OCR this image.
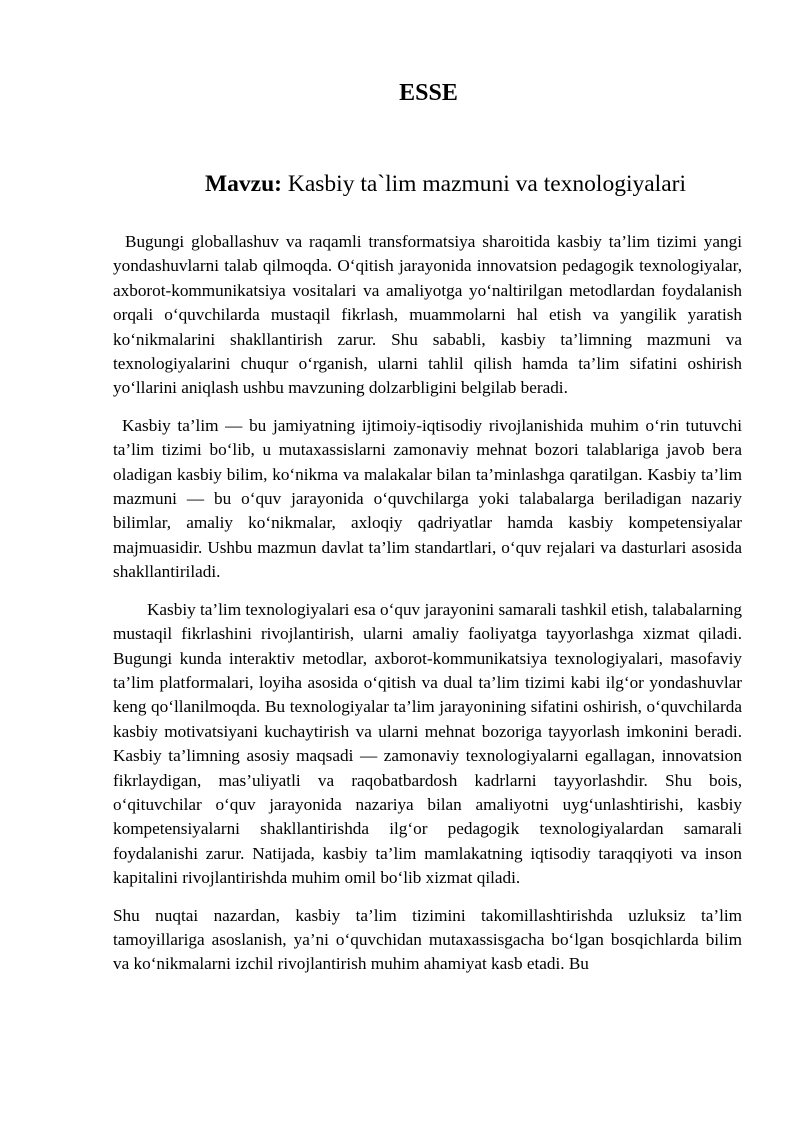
ESSE
Mavzu: Kasbiy ta`lim mazmuni va texnologiyalari

Bugungi globallashuv va raqamli transformatsiya sharoitida kasbiy ta’lim tizimi yangi yondashuvlarni talab qilmoqda. O‘qitish jarayonida innovatsion pedagogik texnologiyalar, axborot-kommunikatsiya vositalari va amaliyotga yo‘naltirilgan metodlardan foydalanish orqali o‘quvchilarda mustaqil fikrlash, muammolarni hal etish va yangilik yaratish ko‘nikmalarini shakllantirish zarur. Shu sababli, kasbiy ta’limning mazmuni va texnologiyalarini chuqur o‘rganish, ularni tahlil qilish hamda ta’lim sifatini oshirish yo‘llarini aniqlash ushbu mavzuning dolzarbligini belgilab beradi.

Kasbiy ta’lim — bu jamiyatning ijtimoiy-iqtisodiy rivojlanishida muhim o‘rin tutuvchi ta’lim tizimi bo‘lib, u mutaxassislarni zamonaviy mehnat bozori talablariga javob bera oladigan kasbiy bilim, ko‘nikma va malakalar bilan ta’minlashga qaratilgan. Kasbiy ta’lim mazmuni — bu o‘quv jarayonida o‘quvchilarga yoki talabalarga beriladigan nazariy bilimlar, amaliy ko‘nikmalar, axloqiy qadriyatlar hamda kasbiy kompetensiyalar majmuasidir. Ushbu mazmun davlat ta’lim standartlari, o‘quv rejalari va dasturlari asosida shakllantiriladi.

Kasbiy ta’lim texnologiyalari esa o‘quv jarayonini samarali tashkil etish, talabalarning mustaqil fikrlashini rivojlantirish, ularni amaliy faoliyatga tayyorlashga xizmat qiladi. Bugungi kunda interaktiv metodlar, axborot-kommunikatsiya texnologiyalari, masofaviy ta’lim platformalari, loyiha asosida o‘qitish va dual ta’lim tizimi kabi ilg‘or yondashuvlar keng qo‘llanilmoqda. Bu texnologiyalar ta’lim jarayonining sifatini oshirish, o‘quvchilarda kasbiy motivatsiyani kuchaytirish va ularni mehnat bozoriga tayyorlash imkonini beradi. Kasbiy ta’limning asosiy maqsadi — zamonaviy texnologiyalarni egallagan, innovatsion fikrlaydigan, mas’uliyatli va raqobatbardosh kadrlarni tayyorlashdir. Shu bois, o‘qituvchilar o‘quv jarayonida nazariya bilan amaliyotni uyg‘unlashtirishi, kasbiy kompetensiyalarni shakllantirishda ilg‘or pedagogik texnologiyalardan samarali foydalanishi zarur. Natijada, kasbiy ta’lim mamlakatning iqtisodiy taraqqiyoti va inson kapitalini rivojlantirishda muhim omil bo‘lib xizmat qiladi.

Shu nuqtai nazardan, kasbiy ta’lim tizimini takomillashtirishda uzluksiz ta’lim tamoyillariga asoslanish, ya’ni o‘quvchidan mutaxassisgacha bo‘lgan bosqichlarda bilim va ko‘nikmalarni izchil rivojlantirish muhim ahamiyat kasb etadi. Bu
